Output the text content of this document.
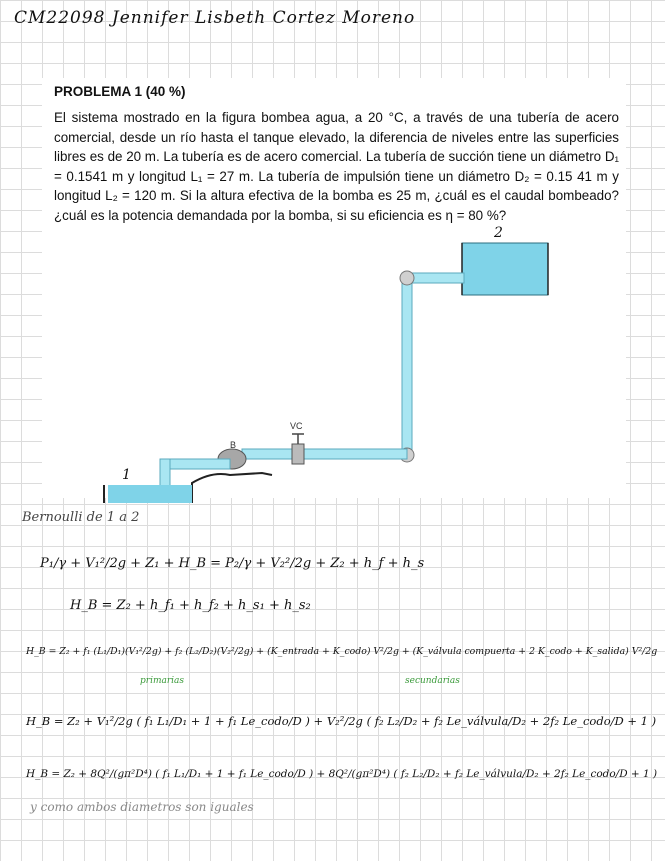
CM22098 Jennifer Lisbeth Cortez Moreno
PROBLEMA 1 (40 %)
El sistema mostrado en la figura bombea agua, a 20 °C, a través de una tubería de acero comercial, desde un río hasta el tanque elevado, la diferencia de niveles entre las superficies libres es de 20 m. La tubería es de acero comercial. La tubería de succión tiene un diámetro D₁ = 0.1541 m y longitud L₁ = 27 m. La tubería de impulsión tiene un diámetro D₂ = 0.15 41 m y longitud L₂ = 120 m. Si la altura efectiva de la bomba es 25 m, ¿cuál es el caudal bombeado? ¿cuál es la potencia demandada por la bomba, si su eficiencia es η = 80 %?
2
VC
B
1
Bernoulli de 1 a 2
P₁/γ + V₁²/2g + Z₁ + H_B = P₂/γ + V₂²/2g + Z₂ + h_f + h_s
H_B = Z₂ + h_f₁ + h_f₂ + h_s₁ + h_s₂
H_B = Z₂ + f₁ (L₁/D₁)(V₁²/2g) + f₂ (L₂/D₂)(V₂²/2g) + (K_entrada + K_codo) V²/2g + (K_válvula compuerta + 2 K_codo + K_salida) V²/2g
primarias	secundarias
H_B = Z₂ + V₁²/2g ( f₁ L₁/D₁ + 1 + f₁ Le_codo/D ) + V₂²/2g ( f₂ L₂/D₂ + f₂ Le_válvula/D₂ + 2f₂ Le_codo/D + 1 )
H_B = Z₂ + 8Q²/(gπ²D⁴) ( f₁ L₁/D₁ + 1 + f₁ Le_codo/D ) + 8Q²/(gπ²D⁴) ( f₂ L₂/D₂ + f₂ Le_válvula/D₂ + 2f₂ Le_codo/D + 1 )
y como ambos diametros son iguales
